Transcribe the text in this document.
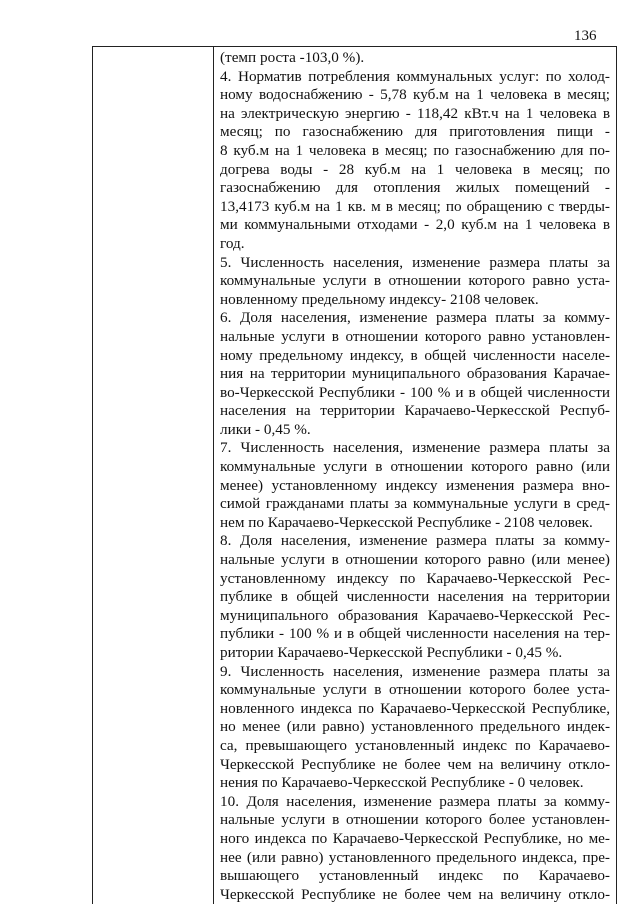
136
(темп роста -103,0 %).
4. Норматив потребления коммунальных услуг: по холод-
ному водоснабжению - 5,78 куб.м на 1 человека в месяц;
на электрическую энергию - 118,42 кВт.ч на 1 человека в
месяц; по газоснабжению для приготовления пищи -
8 куб.м на 1 человека в месяц; по газоснабжению для по-
догрева воды - 28 куб.м на 1 человека в месяц; по
газоснабжению для отопления жилых помещений -
13,4173 куб.м на 1 кв. м в месяц; по обращению с тверды-
ми коммунальными отходами - 2,0 куб.м на 1 человека в
год.
5. Численность населения, изменение размера платы за
коммунальные услуги в отношении которого равно уста-
новленному предельному индексу- 2108 человек.
6. Доля населения, изменение размера платы за комму-
нальные услуги в отношении которого равно установлен-
ному предельному индексу, в общей численности населе-
ния на территории муниципального образования Карачае-
во-Черкесской Республики - 100 % и в общей численности
населения на территории Карачаево-Черкесской Респуб-
лики - 0,45 %.
7. Численность населения, изменение размера платы за
коммунальные услуги в отношении которого равно (или
менее) установленному индексу изменения размера вно-
симой гражданами платы за коммунальные услуги в сред-
нем по Карачаево-Черкесской Республике - 2108 человек.
8. Доля населения, изменение размера платы за комму-
нальные услуги в отношении которого равно (или менее)
установленному индексу по Карачаево-Черкесской Рес-
публике в общей численности населения на территории
муниципального образования Карачаево-Черкесской Рес-
публики - 100 % и в общей численности населения на тер-
ритории Карачаево-Черкесской Республики - 0,45 %.
9. Численность населения, изменение размера платы за
коммунальные услуги в отношении которого более уста-
новленного индекса по Карачаево-Черкесской Республике,
но менее (или равно) установленного предельного индек-
са, превышающего установленный индекс по Карачаево-
Черкесской Республике не более чем на величину откло-
нения по Карачаево-Черкесской Республике - 0 человек.
10. Доля населения, изменение размера платы за комму-
нальные услуги в отношении которого более установлен-
ного индекса по Карачаево-Черкесской Республике, но ме-
нее (или равно) установленного предельного индекса, пре-
вышающего установленный индекс по Карачаево-
Черкесской Республике не более чем на величину откло-
